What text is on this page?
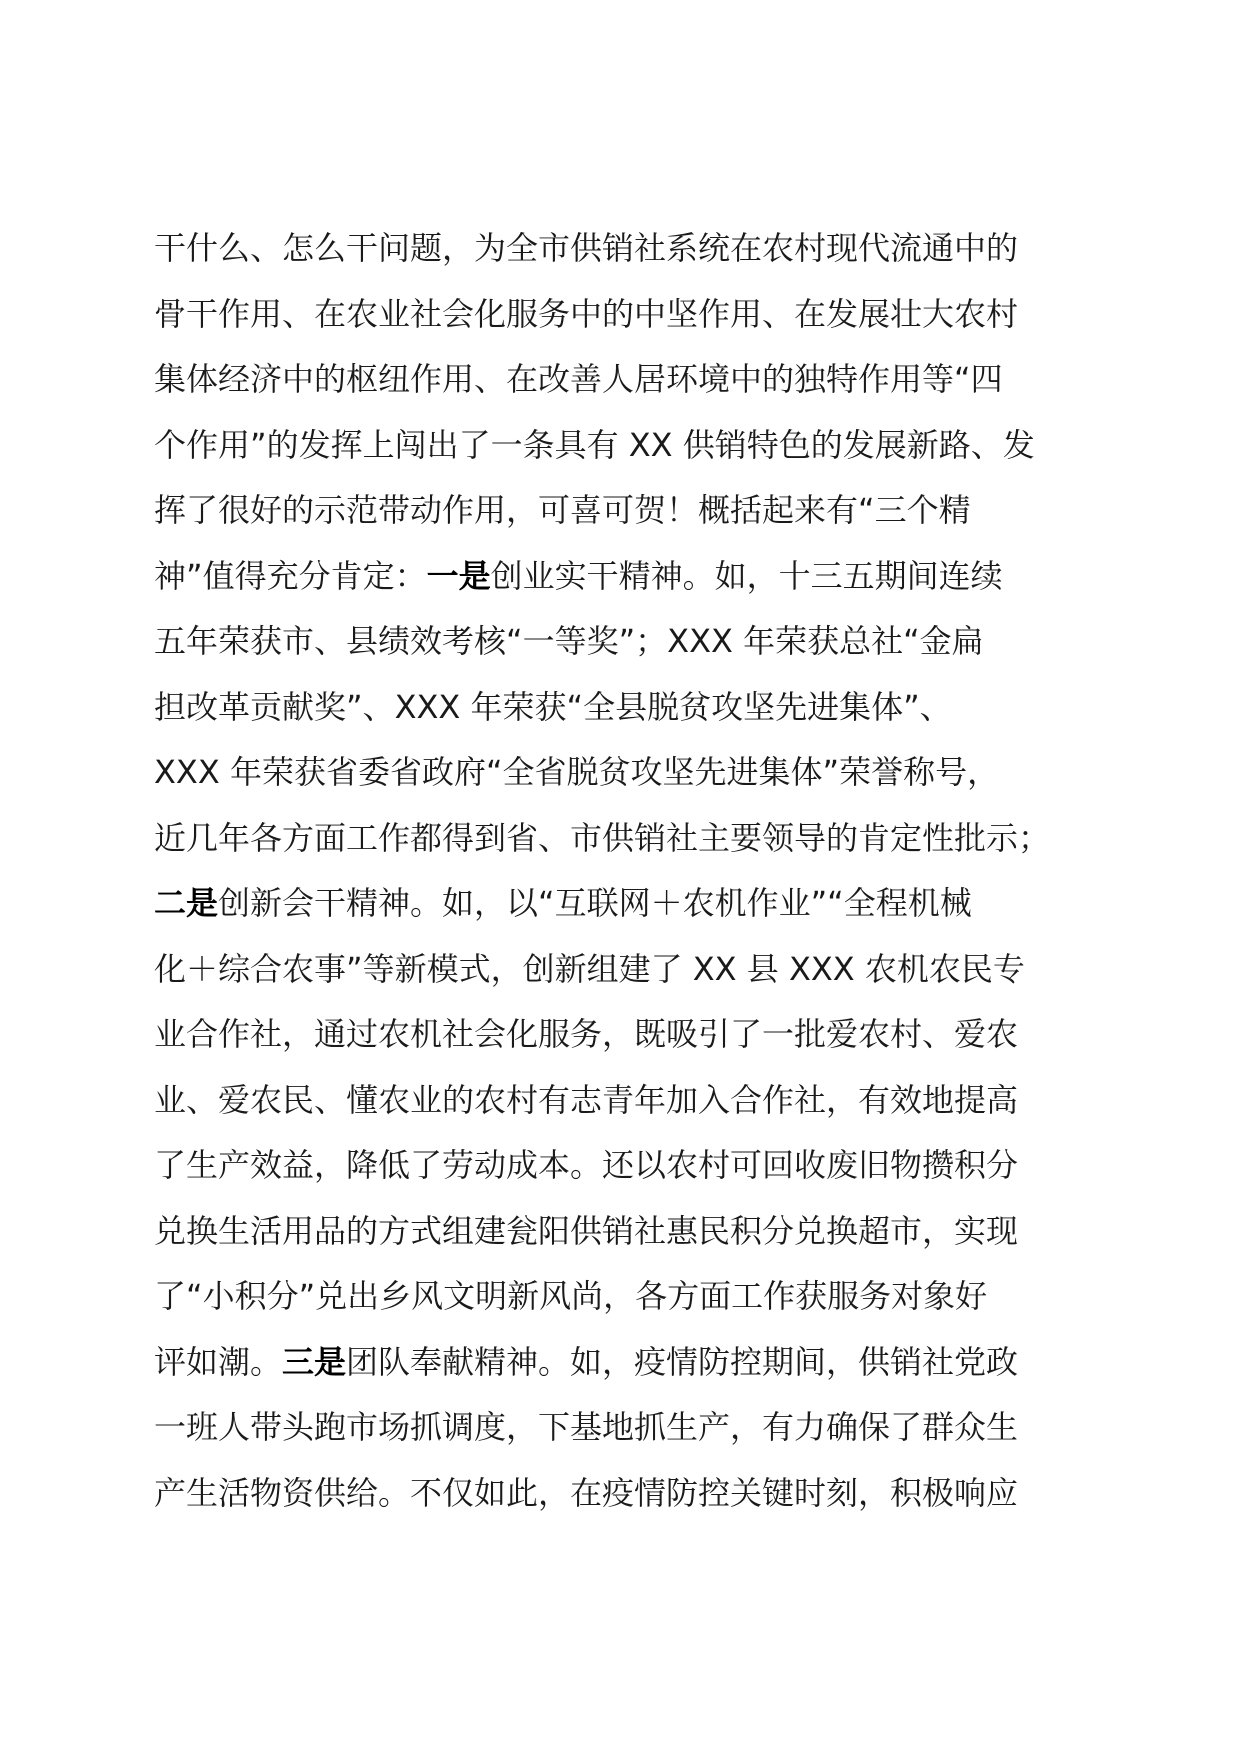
干什么、怎么干问题，为全市供销社系统在农村现代流通中的
骨干作用、在农业社会化服务中的中坚作用、在发展壮大农村
集体经济中的枢纽作用、在改善人居环境中的独特作用等“四
个作用”的发挥上闯出了一条具有 XX 供销特色的发展新路、发
挥了很好的示范带动作用，可喜可贺！概括起来有“三个精
神”值得充分肯定：一是创业实干精神。如，十三五期间连续
五年荣获市、县绩效考核“一等奖”；XXX 年荣获总社“金扁
担改革贡献奖”、XXX 年荣获“全县脱贫攻坚先进集体”、
XXX 年荣获省委省政府“全省脱贫攻坚先进集体”荣誉称号，
近几年各方面工作都得到省、市供销社主要领导的肯定性批示；
二是创新会干精神。如，以“互联网＋农机作业”“全程机械
化＋综合农事”等新模式，创新组建了 XX 县 XXX 农机农民专
业合作社，通过农机社会化服务，既吸引了一批爱农村、爱农
业、爱农民、懂农业的农村有志青年加入合作社，有效地提高
了生产效益，降低了劳动成本。还以农村可回收废旧物攒积分
兑换生活用品的方式组建瓮阳供销社惠民积分兑换超市，实现
了“小积分”兑出乡风文明新风尚，各方面工作获服务对象好
评如潮。三是团队奉献精神。如，疫情防控期间，供销社党政
一班人带头跑市场抓调度，下基地抓生产，有力确保了群众生
产生活物资供给。不仅如此，在疫情防控关键时刻，积极响应
